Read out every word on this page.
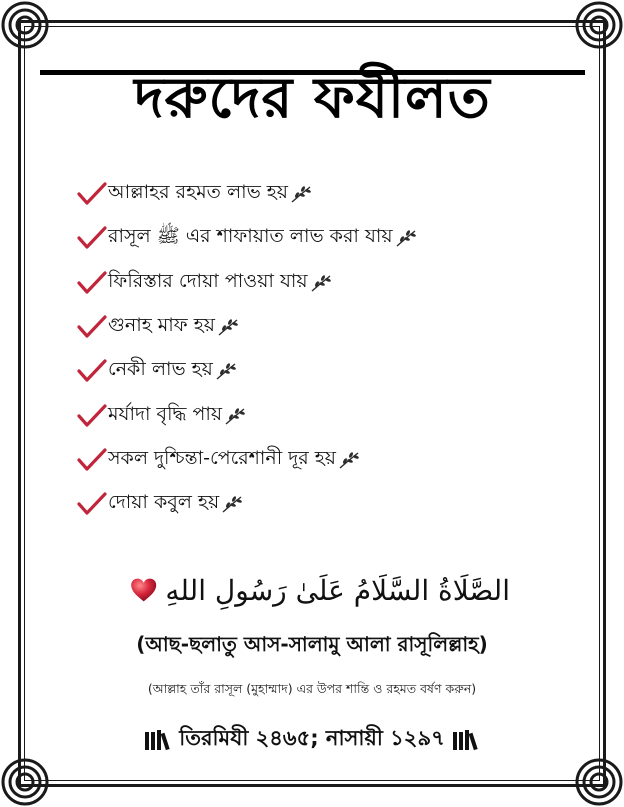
দরুদের ফযীলত
আল্লাহর রহমত লাভ হয়
রাসূল ﷺ এর শাফায়াত লাভ করা যায়
ফিরিস্তার দোয়া পাওয়া যায়
গুনাহ মাফ হয়
নেকী লাভ হয়
মর্যাদা বৃদ্ধি পায়
সকল দুশ্চিন্তা-পেরেশানী দূর হয়
দোয়া কবুল হয়
الصَّلَاةُ السَّلَامُ عَلَىٰ رَسُولِ اللهِ
(আছ-ছলাতু আস-সালামু আলা রাসূলিল্লাহ)
(আল্লাহ তাঁর রাসূল (মুহাম্মাদ) এর উপর শান্তি ও রহমত বর্ষণ করুন)
তিরমিযী ২৪৬৫; নাসায়ী ১২৯৭
